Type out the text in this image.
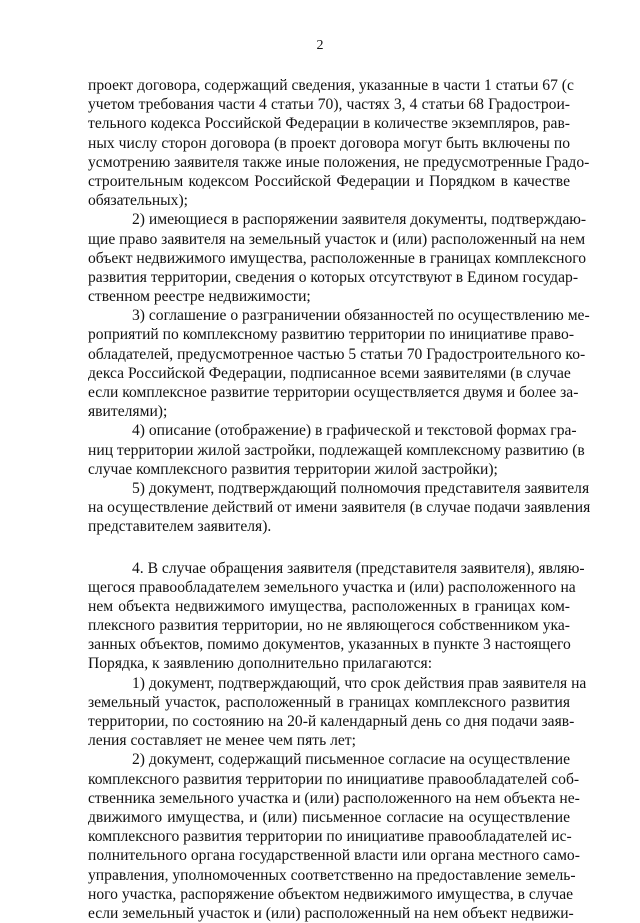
2
проект договора, содержащий сведения, указанные в части 1 статьи 67 (с
учетом требования части 4 статьи 70), частях 3, 4 статьи 68 Градострои-
тельного кодекса Российской Федерации в количестве экземпляров, рав-
ных числу сторон договора (в проект договора могут быть включены по
усмотрению заявителя также иные положения, не предусмотренные Градо-
строительным кодексом Российской Федерации и Порядком в качестве
обязательных);
2) имеющиеся в распоряжении заявителя документы, подтверждаю-
щие право заявителя на земельный участок и (или) расположенный на нем
объект недвижимого имущества, расположенные в границах комплексного
развития территории, сведения о которых отсутствуют в Едином государ-
ственном реестре недвижимости;
3) соглашение о разграничении обязанностей по осуществлению ме-
роприятий по комплексному развитию территории по инициативе право-
обладателей, предусмотренное частью 5 статьи 70 Градостроительного ко-
декса Российской Федерации, подписанное всеми заявителями (в случае
если комплексное развитие территории осуществляется двумя и более за-
явителями);
4) описание (отображение) в графической и текстовой формах гра-
ниц территории жилой застройки, подлежащей комплексному развитию (в
случае комплексного развития территории жилой застройки);
5) документ, подтверждающий полномочия представителя заявителя
на осуществление действий от имени заявителя (в случае подачи заявления
представителем заявителя).
4. В случае обращения заявителя (представителя заявителя), являю-
щегося правообладателем земельного участка и (или) расположенного на
нем объекта недвижимого имущества, расположенных в границах ком-
плексного развития территории, но не являющегося собственником ука-
занных объектов, помимо документов, указанных в пункте 3 настоящего
Порядка, к заявлению дополнительно прилагаются:
1) документ, подтверждающий, что срок действия прав заявителя на
земельный участок, расположенный в границах комплексного развития
территории, по состоянию на 20-й календарный день со дня подачи заяв-
ления составляет не менее чем пять лет;
2) документ, содержащий письменное согласие на осуществление
комплексного развития территории по инициативе правообладателей соб-
ственника земельного участка и (или) расположенного на нем объекта не-
движимого имущества, и (или) письменное согласие на осуществление
комплексного развития территории по инициативе правообладателей ис-
полнительного органа государственной власти или органа местного само-
управления, уполномоченных соответственно на предоставление земель-
ного участка, распоряжение объектом недвижимого имущества, в случае
если земельный участок и (или) расположенный на нем объект недвижи-
